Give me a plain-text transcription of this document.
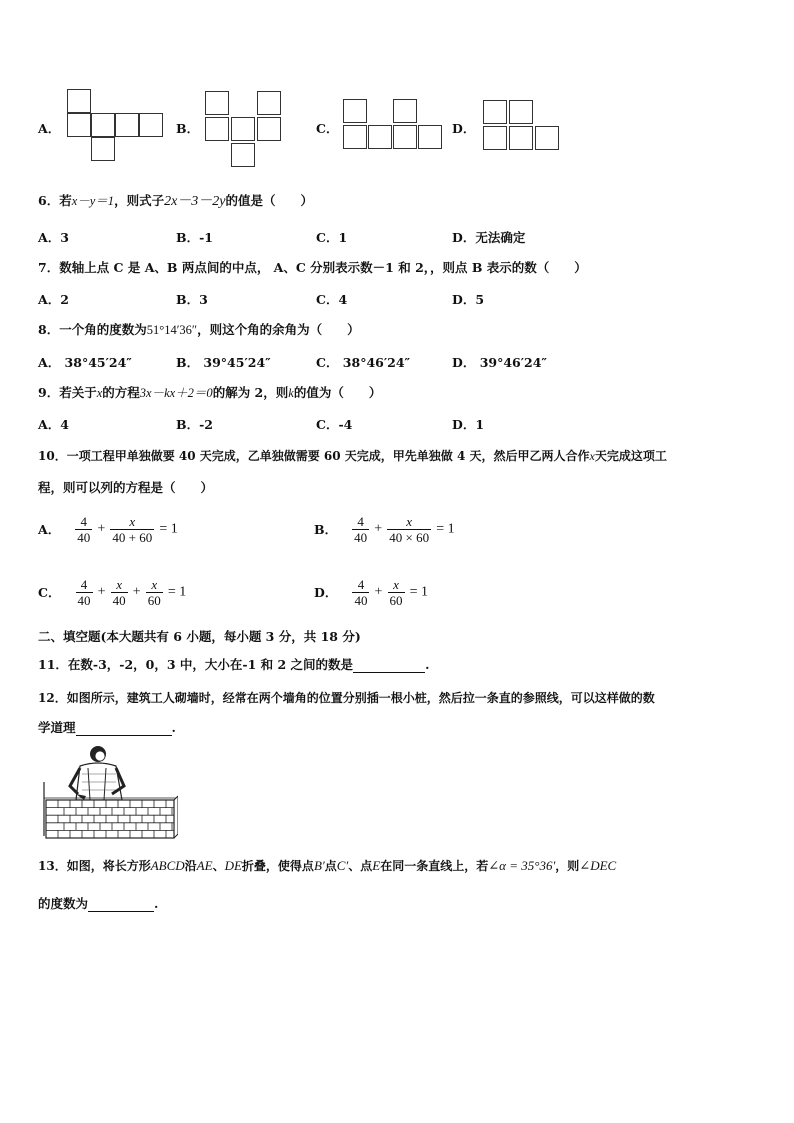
A．	B．	C．	D．
6．若x－y＝1，则式子2x－3－2y的值是（　　）
A．3	B．-1	C．1	D．无法确定
7．数轴上点 C 是 A、B 两点间的中点， A、C 分别表示数－1 和 2，，则点 B 表示的数（　　）
A．2	B．3	C．4	D．5
8．一个角的度数为51°14′36″，则这个角的余角为（　　）
A． 38°45′24″	B． 39°45′24″	C． 38°46′24″	D． 39°46′24″
9．若关于x的方程3x－kx＋2＝0的解为 2，则k的值为（　　）
A．4	B．-2	C．-4	D．1
10．一项工程甲单独做要 40 天完成，乙单独做需要 60 天完成，甲先单独做 4 天，然后甲乙两人合作x天完成这项工
程，则可以列的方程是（　　）
A． $\frac{4}{40} + \frac{x}{40 + 60} = 1$	B． $\frac{4}{40} + \frac{x}{40 \times 60} = 1$
C． $\frac{4}{40} + \frac{x}{40} + \frac{x}{60} = 1$	D． $\frac{4}{40} + \frac{x}{60} = 1$
二、填空题(本大题共有 6 小题，每小题 3 分，共 18 分)
11．在数-3，-2，0，3 中，大小在-1 和 2 之间的数是	.
12．如图所示，建筑工人砌墙时，经常在两个墙角的位置分别插一根小桩，然后拉一条直的参照线，可以这样做的数
学道理	.
13．如图，将长方形ABCD沿AE、DE折叠，使得点B′点C′、点E在同一条直线上，若∠α = 35°36′，则∠DEC
的度数为	.
